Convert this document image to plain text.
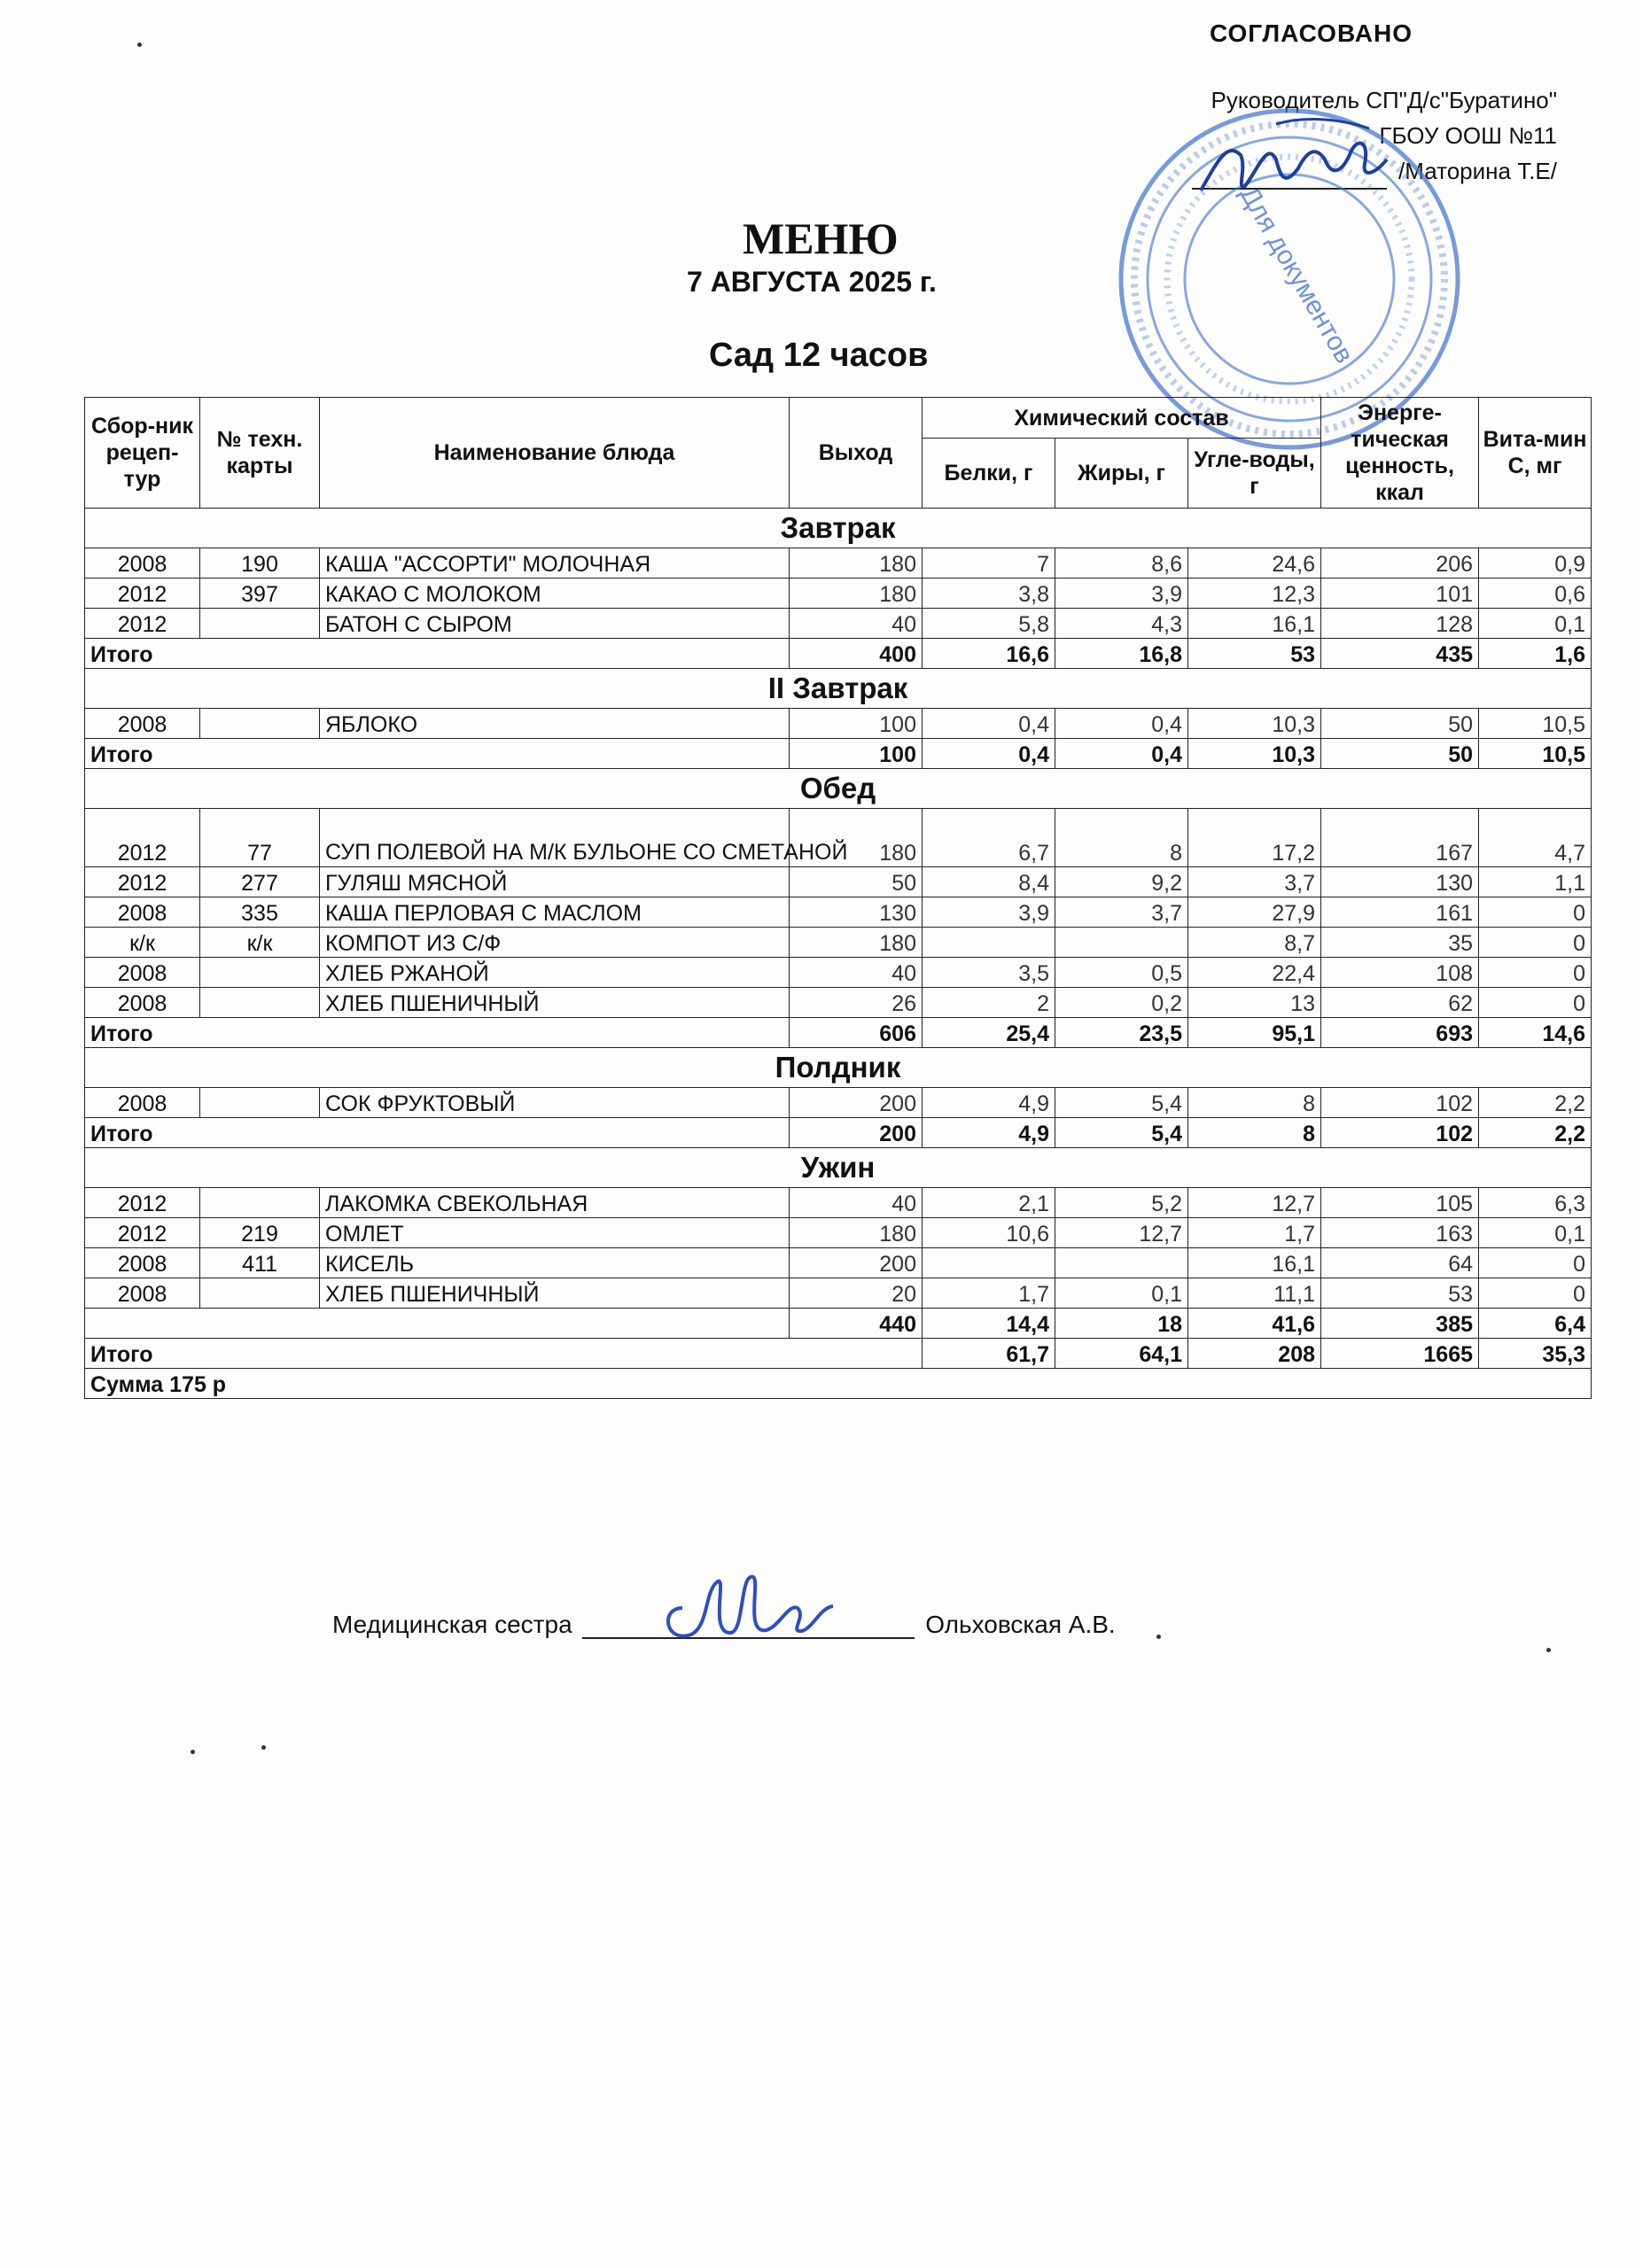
СОГЛАСОВАНО
Руководитель СП"Д/с"Буратино"
ГБОУ ООШ №11
/Маторина Т.Е/
Для документов
МЕНЮ
7 АВГУСТА 2025 г.
Сад 12 часов
Сбор-ник рецеп-тур	№ техн. карты	Наименование блюда	Выход	Химический состав			Энерге-тическая ценность, ккал	Вита-мин С, мг
				Белки, г	Жиры, г	Угле-воды, г		
Завтрак								
2008	190	КАША "АССОРТИ" МОЛОЧНАЯ	180	7	8,6	24,6	206	0,9
2012	397	КАКАО С МОЛОКОМ	180	3,8	3,9	12,3	101	0,6
2012		БАТОН С СЫРОМ	40	5,8	4,3	16,1	128	0,1
Итого			400	16,6	16,8	53	435	1,6
II Завтрак								
2008		ЯБЛОКО	100	0,4	0,4	10,3	50	10,5
Итого			100	0,4	0,4	10,3	50	10,5
Обед								
2012	77	СУП ПОЛЕВОЙ НА М/К БУЛЬОНЕ СО СМЕТАНОЙ	180	6,7	8	17,2	167	4,7
2012	277	ГУЛЯШ МЯСНОЙ	50	8,4	9,2	3,7	130	1,1
2008	335	КАША ПЕРЛОВАЯ С МАСЛОМ	130	3,9	3,7	27,9	161	0
к/к	к/к	КОМПОТ ИЗ С/Ф	180			8,7	35	0
2008		ХЛЕБ РЖАНОЙ	40	3,5	0,5	22,4	108	0
2008		ХЛЕБ ПШЕНИЧНЫЙ	26	2	0,2	13	62	0
Итого			606	25,4	23,5	95,1	693	14,6
Полдник								
2008		СОК ФРУКТОВЫЙ	200	4,9	5,4	8	102	2,2
Итого			200	4,9	5,4	8	102	2,2
Ужин								
2012		ЛАКОМКА СВЕКОЛЬНАЯ	40	2,1	5,2	12,7	105	6,3
2012	219	ОМЛЕТ	180	10,6	12,7	1,7	163	0,1
2008	411	КИСЕЛЬ	200			16,1	64	0
2008		ХЛЕБ ПШЕНИЧНЫЙ	20	1,7	0,1	11,1	53	0
			440	14,4	18	41,6	385	6,4
Итого				61,7	64,1	208	1665	35,3
Сумма 175 р								
Медицинская сестра	Ольховская А.В.
